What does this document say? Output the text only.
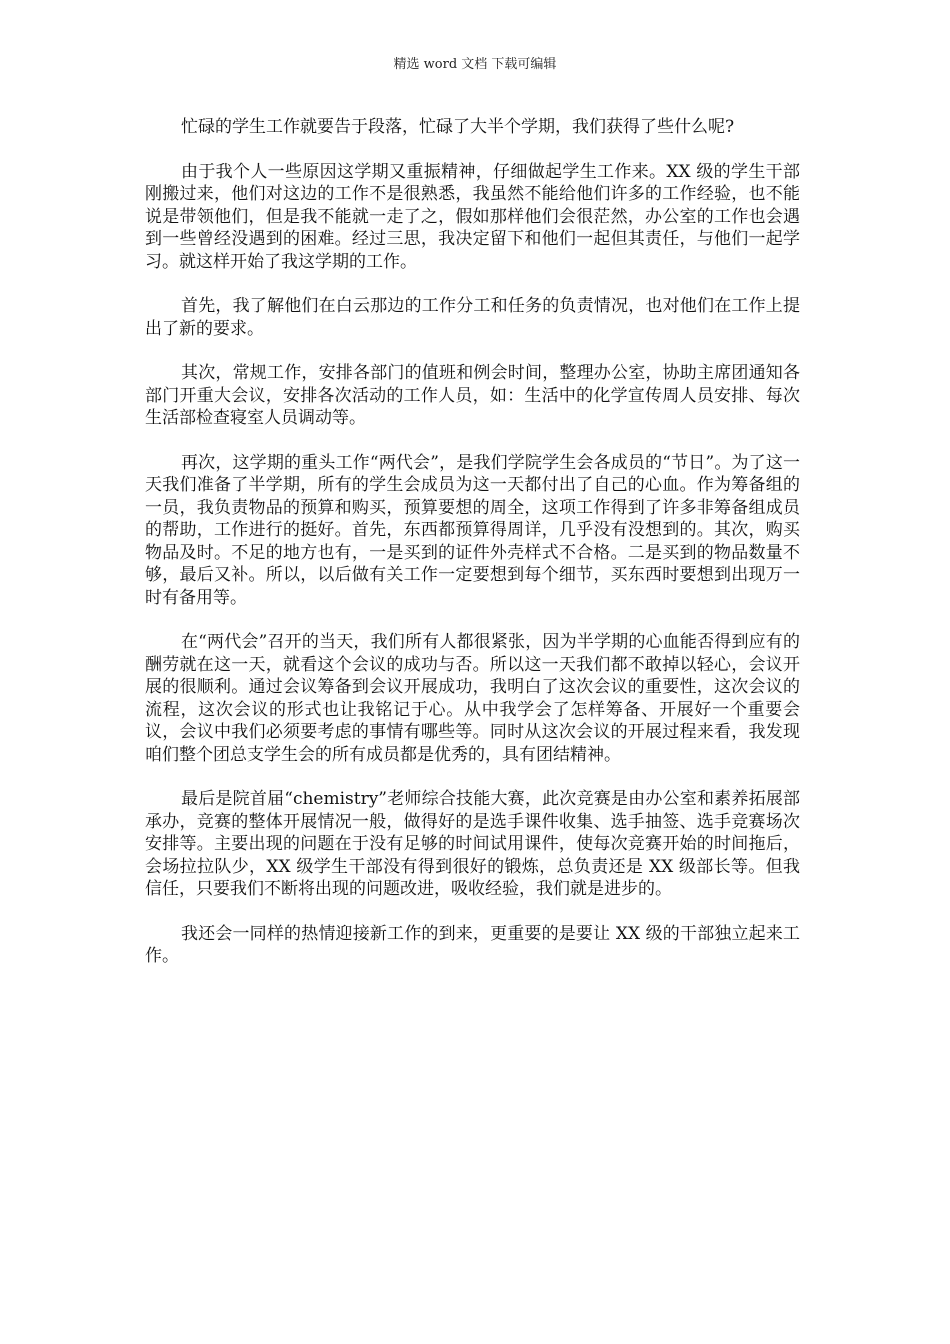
精选 word 文档 下载可编辑

忙碌的学生工作就要告于段落，忙碌了大半个学期，我们获得了些什么呢?

由于我个人一些原因这学期又重振精神，仔细做起学生工作来。XX 级的学生干部刚搬过来，他们对这边的工作不是很熟悉，我虽然不能给他们许多的工作经验，也不能说是带领他们，但是我不能就一走了之，假如那样他们会很茫然，办公室的工作也会遇到一些曾经没遇到的困难。经过三思，我决定留下和他们一起但其责任，与他们一起学习。就这样开始了我这学期的工作。

首先，我了解他们在白云那边的工作分工和任务的负责情况，也对他们在工作上提出了新的要求。

其次，常规工作，安排各部门的值班和例会时间，整理办公室，协助主席团通知各部门开重大会议，安排各次活动的工作人员，如：生活中的化学宣传周人员安排、每次生活部检查寝室人员调动等。

再次，这学期的重头工作“两代会”，是我们学院学生会各成员的“节日”。为了这一天我们准备了半学期，所有的学生会成员为这一天都付出了自己的心血。作为筹备组的一员，我负责物品的预算和购买，预算要想的周全，这项工作得到了许多非筹备组成员的帮助，工作进行的挺好。首先，东西都预算得周详，几乎没有没想到的。其次，购买物品及时。不足的地方也有，一是买到的证件外壳样式不合格。二是买到的物品数量不够，最后又补。所以，以后做有关工作一定要想到每个细节，买东西时要想到出现万一时有备用等。

在“两代会”召开的当天，我们所有人都很紧张，因为半学期的心血能否得到应有的酬劳就在这一天，就看这个会议的成功与否。所以这一天我们都不敢掉以轻心，会议开展的很顺利。通过会议筹备到会议开展成功，我明白了这次会议的重要性，这次会议的流程，这次会议的形式也让我铭记于心。从中我学会了怎样筹备、开展好一个重要会议，会议中我们必须要考虑的事情有哪些等。同时从这次会议的开展过程来看，我发现咱们整个团总支学生会的所有成员都是优秀的，具有团结精神。

最后是院首届“chemistry”老师综合技能大赛，此次竞赛是由办公室和素养拓展部承办，竞赛的整体开展情况一般，做得好的是选手课件收集、选手抽签、选手竞赛场次安排等。主要出现的问题在于没有足够的时间试用课件，使每次竞赛开始的时间拖后，会场拉拉队少，XX 级学生干部没有得到很好的锻炼，总负责还是 XX 级部长等。但我信任，只要我们不断将出现的问题改进，吸收经验，我们就是进步的。

我还会一同样的热情迎接新工作的到来，更重要的是要让 XX 级的干部独立起来工作。
